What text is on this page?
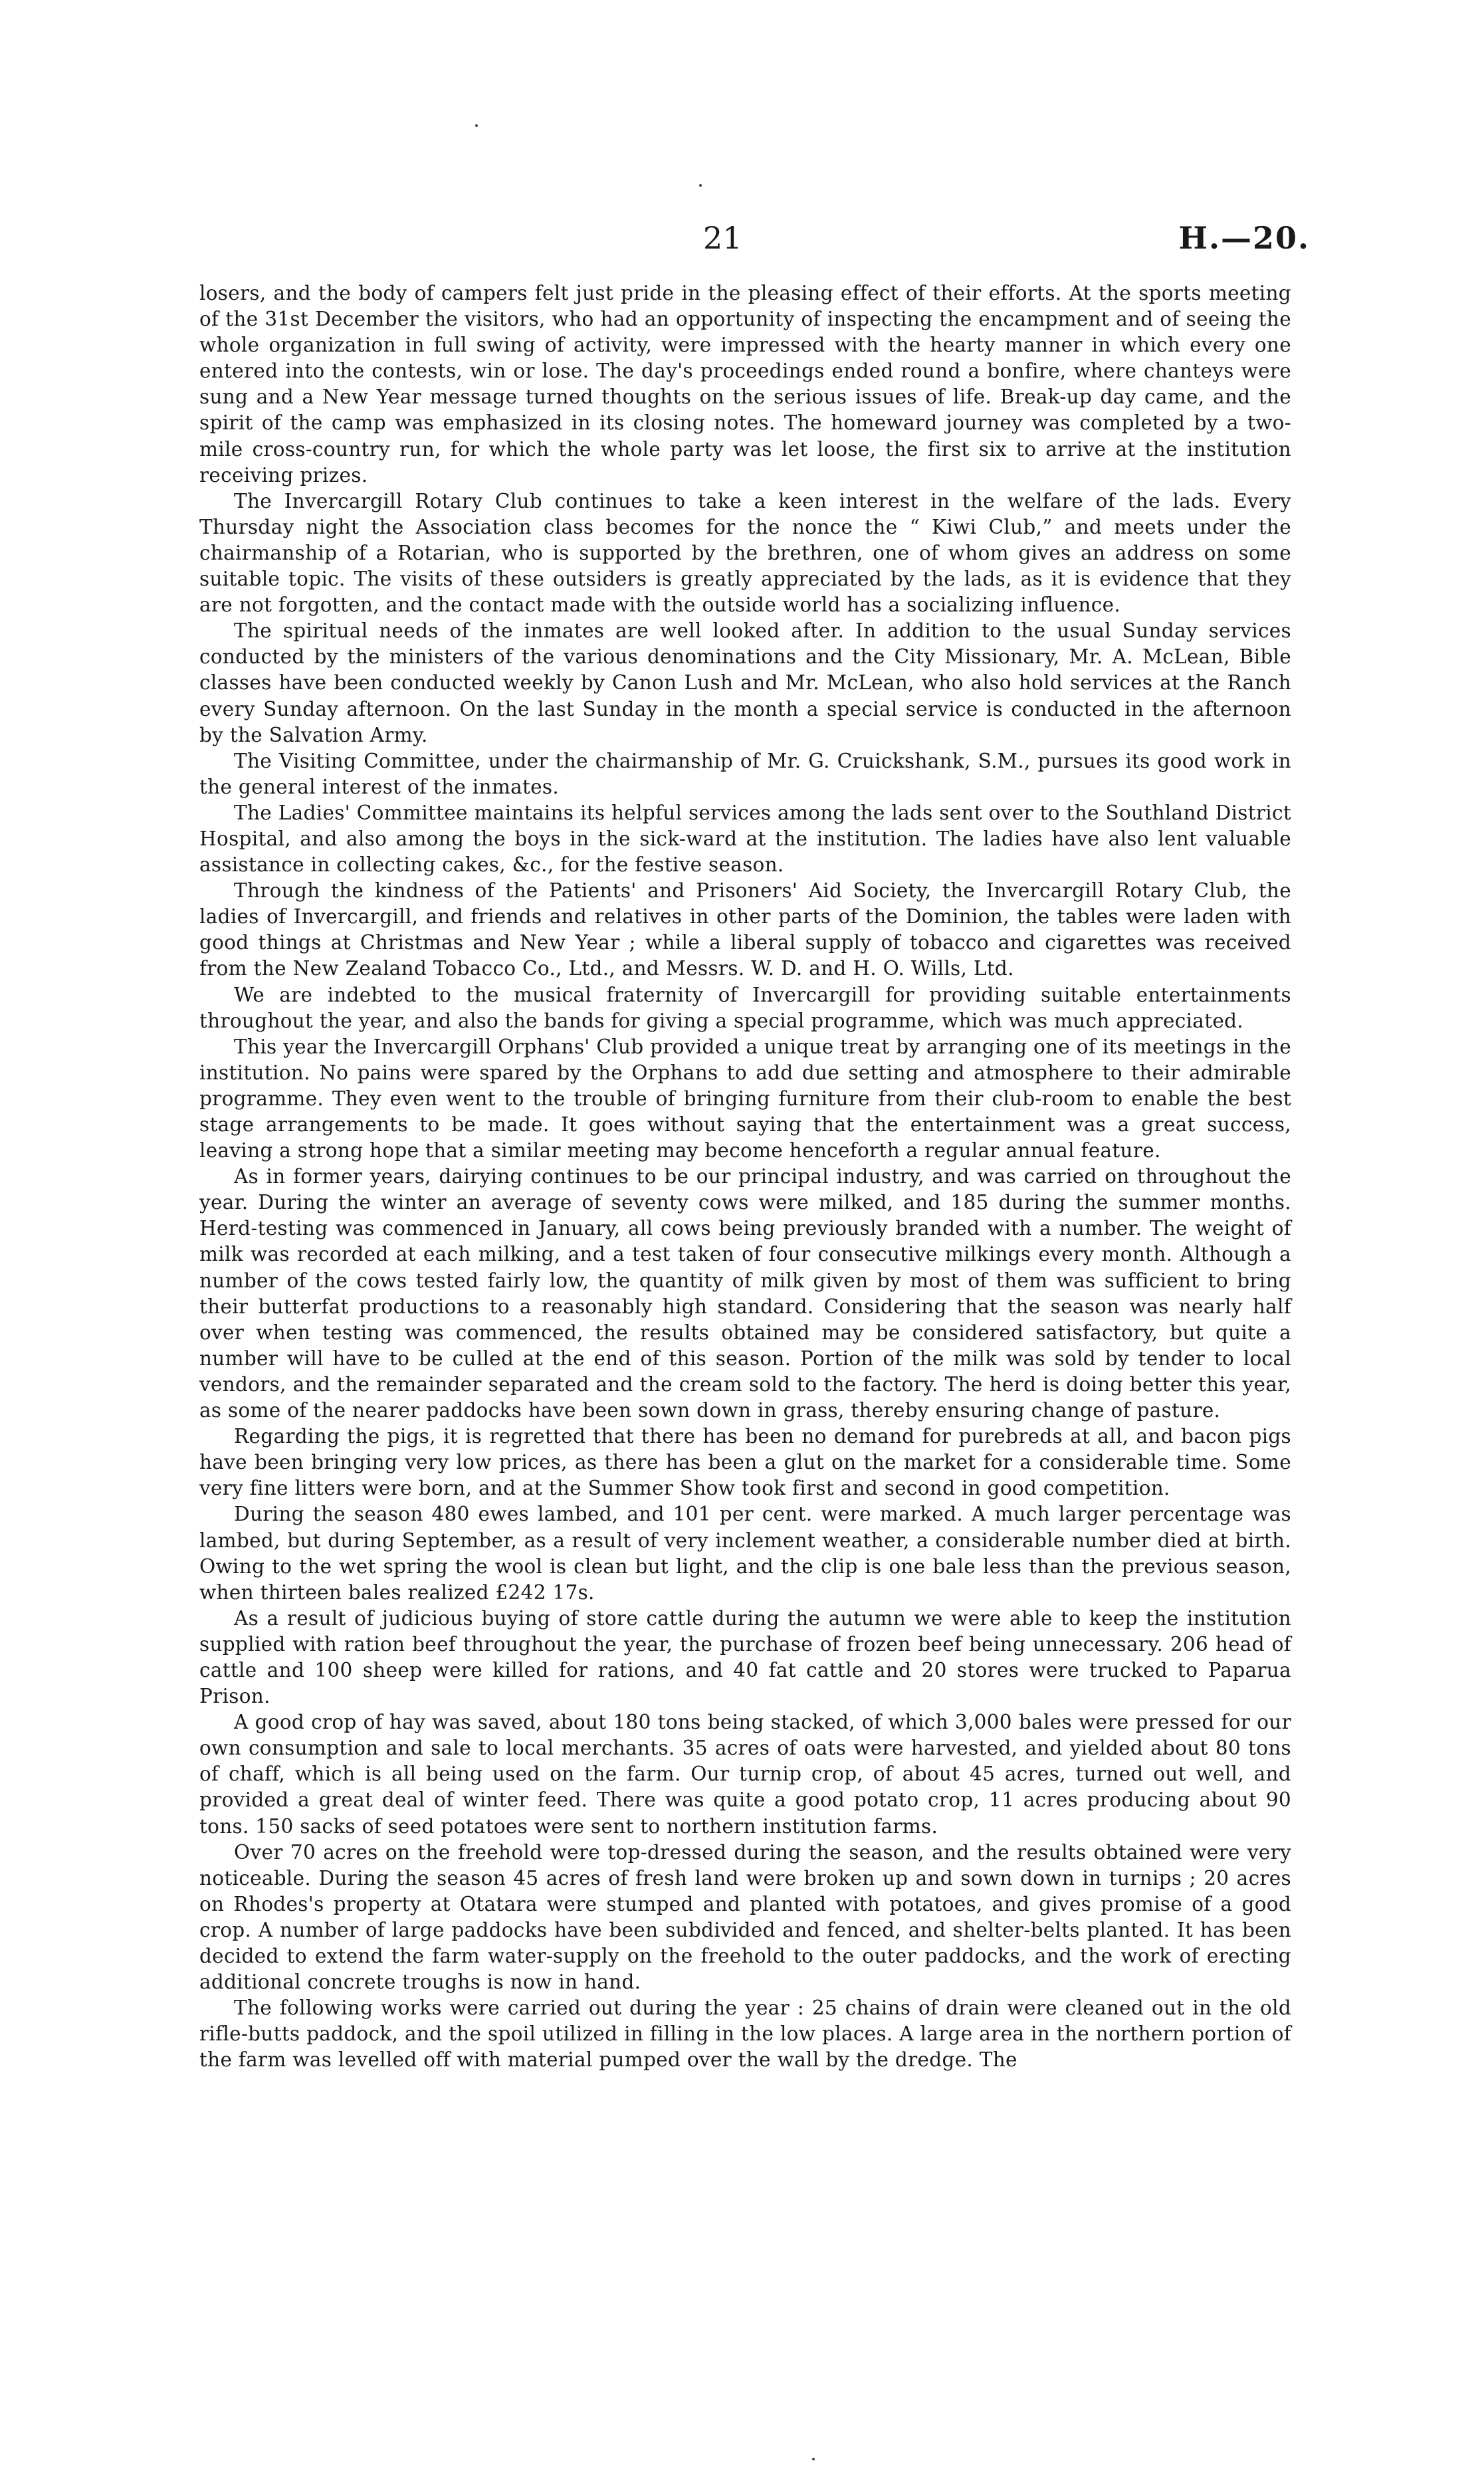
21	H.—20.

losers, and the body of campers felt just pride in the pleasing effect of their efforts. At the sports meeting of the 31st December the visitors, who had an opportunity of inspecting the encampment and of seeing the whole organization in full swing of activity, were impressed with the hearty manner in which every one entered into the contests, win or lose. The day's proceedings ended round a bonfire, where chanteys were sung and a New Year message turned thoughts on the serious issues of life. Break-up day came, and the spirit of the camp was emphasized in its closing notes. The homeward journey was completed by a two-mile cross-country run, for which the whole party was let loose, the first six to arrive at the institution receiving prizes.

The Invercargill Rotary Club continues to take a keen interest in the welfare of the lads. Every Thursday night the Association class becomes for the nonce the “ Kiwi Club,” and meets under the chairmanship of a Rotarian, who is supported by the brethren, one of whom gives an address on some suitable topic. The visits of these outsiders is greatly appreciated by the lads, as it is evidence that they are not forgotten, and the contact made with the outside world has a socializing influence.

The spiritual needs of the inmates are well looked after. In addition to the usual Sunday services conducted by the ministers of the various denominations and the City Missionary, Mr. A. McLean, Bible classes have been conducted weekly by Canon Lush and Mr. McLean, who also hold services at the Ranch every Sunday afternoon. On the last Sunday in the month a special service is conducted in the afternoon by the Salvation Army.

The Visiting Committee, under the chairmanship of Mr. G. Cruickshank, S.M., pursues its good work in the general interest of the inmates.

The Ladies' Committee maintains its helpful services among the lads sent over to the Southland District Hospital, and also among the boys in the sick-ward at the institution. The ladies have also lent valuable assistance in collecting cakes, &c., for the festive season.

Through the kindness of the Patients' and Prisoners' Aid Society, the Invercargill Rotary Club, the ladies of Invercargill, and friends and relatives in other parts of the Dominion, the tables were laden with good things at Christmas and New Year ; while a liberal supply of tobacco and cigarettes was received from the New Zealand Tobacco Co., Ltd., and Messrs. W. D. and H. O. Wills, Ltd.

We are indebted to the musical fraternity of Invercargill for providing suitable entertainments throughout the year, and also the bands for giving a special programme, which was much appreciated.

This year the Invercargill Orphans' Club provided a unique treat by arranging one of its meetings in the institution. No pains were spared by the Orphans to add due setting and atmosphere to their admirable programme. They even went to the trouble of bringing furniture from their club-room to enable the best stage arrangements to be made. It goes without saying that the entertainment was a great success, leaving a strong hope that a similar meeting may become henceforth a regular annual feature.

As in former years, dairying continues to be our principal industry, and was carried on throughout the year. During the winter an average of seventy cows were milked, and 185 during the summer months. Herd-testing was commenced in January, all cows being previously branded with a number. The weight of milk was recorded at each milking, and a test taken of four consecutive milkings every month. Although a number of the cows tested fairly low, the quantity of milk given by most of them was sufficient to bring their butterfat productions to a reasonably high standard. Considering that the season was nearly half over when testing was commenced, the results obtained may be considered satisfactory, but quite a number will have to be culled at the end of this season. Portion of the milk was sold by tender to local vendors, and the remainder separated and the cream sold to the factory. The herd is doing better this year, as some of the nearer paddocks have been sown down in grass, thereby ensuring change of pasture.

Regarding the pigs, it is regretted that there has been no demand for purebreds at all, and bacon pigs have been bringing very low prices, as there has been a glut on the market for a considerable time. Some very fine litters were born, and at the Summer Show took first and second in good competition.

During the season 480 ewes lambed, and 101 per cent. were marked. A much larger percentage was lambed, but during September, as a result of very inclement weather, a considerable number died at birth. Owing to the wet spring the wool is clean but light, and the clip is one bale less than the previous season, when thirteen bales realized £242 17s.

As a result of judicious buying of store cattle during the autumn we were able to keep the institution supplied with ration beef throughout the year, the purchase of frozen beef being unnecessary. 206 head of cattle and 100 sheep were killed for rations, and 40 fat cattle and 20 stores were trucked to Paparua Prison.

A good crop of hay was saved, about 180 tons being stacked, of which 3,000 bales were pressed for our own consumption and sale to local merchants. 35 acres of oats were harvested, and yielded about 80 tons of chaff, which is all being used on the farm. Our turnip crop, of about 45 acres, turned out well, and provided a great deal of winter feed. There was quite a good potato crop, 11 acres producing about 90 tons. 150 sacks of seed potatoes were sent to northern institution farms.

Over 70 acres on the freehold were top-dressed during the season, and the results obtained were very noticeable. During the season 45 acres of fresh land were broken up and sown down in turnips ; 20 acres on Rhodes's property at Otatara were stumped and planted with potatoes, and gives promise of a good crop. A number of large paddocks have been subdivided and fenced, and shelter-belts planted. It has been decided to extend the farm water-supply on the freehold to the outer paddocks, and the work of erecting additional concrete troughs is now in hand.

The following works were carried out during the year : 25 chains of drain were cleaned out in the old rifle-butts paddock, and the spoil utilized in filling in the low places. A large area in the northern portion of the farm was levelled off with material pumped over the wall by the dredge. The
